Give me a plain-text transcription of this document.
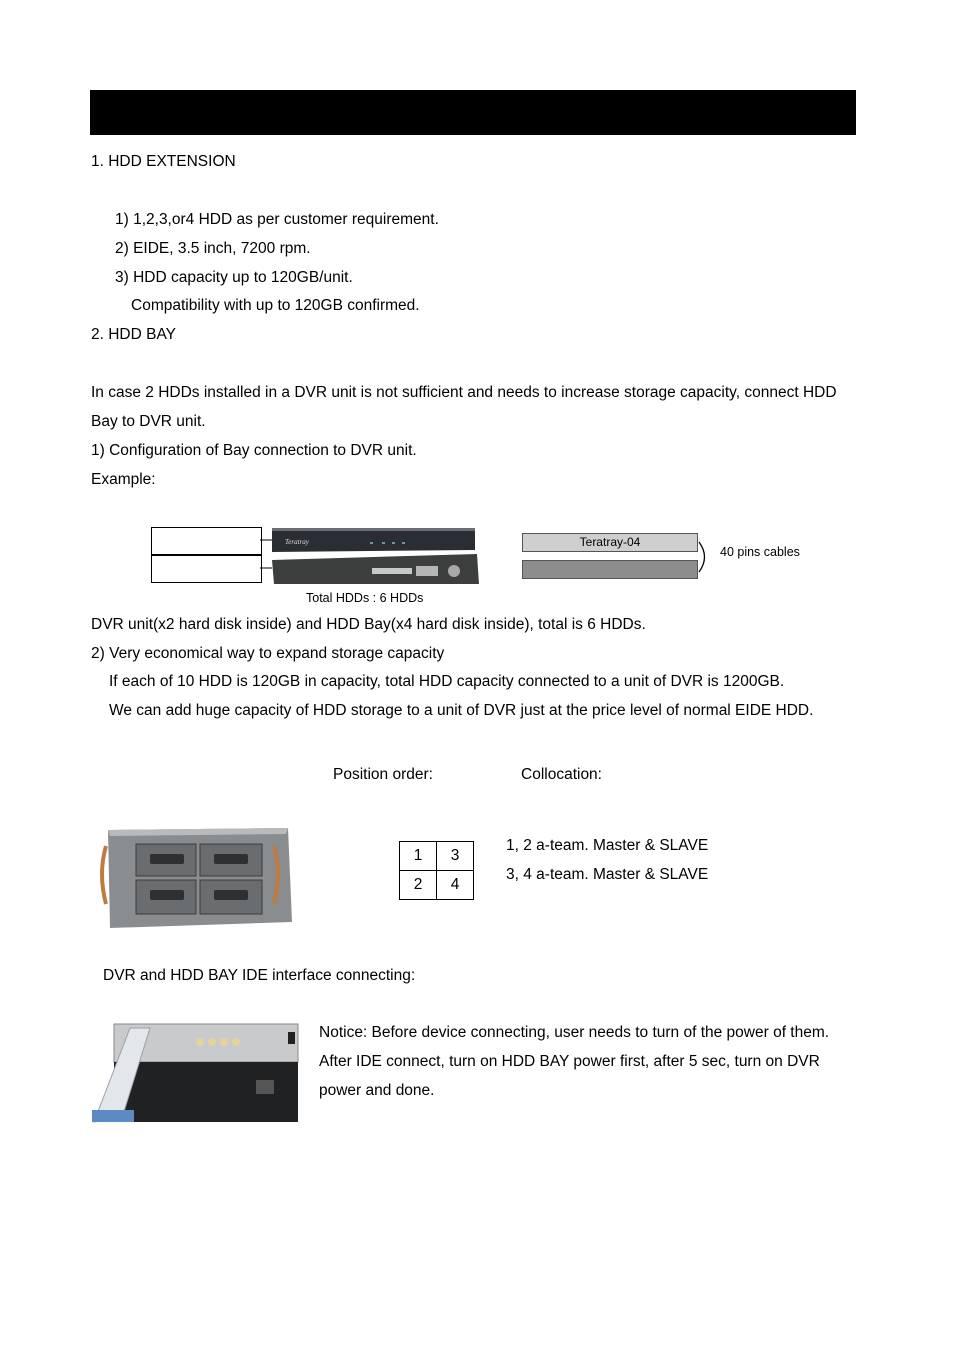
1. HDD EXTENSION
1) 1,2,3,or4 HDD as per customer requirement.
2) EIDE, 3.5 inch, 7200 rpm.
3) HDD capacity up to 120GB/unit.
Compatibility with up to 120GB confirmed.
2. HDD BAY
In case 2 HDDs installed in a DVR unit is not sufficient and needs to increase storage capacity, connect HDD
Bay to DVR unit.
1) Configuration of Bay connection to DVR unit.
Example:
Teratray	Teratray-04
40 pins cables
Total HDDs : 6 HDDs
DVR unit(x2 hard disk inside) and HDD Bay(x4 hard disk inside), total is 6 HDDs.
2) Very economical way to expand storage capacity
If each of 10 HDD is 120GB in capacity, total HDD capacity connected to a unit of DVR is 1200GB.
We can add huge capacity of HDD storage to a unit of DVR just at the price level of normal EIDE HDD.
Position order:	Collocation:
1	3
2	4
1, 2 a-team. Master & SLAVE
3, 4 a-team. Master & SLAVE
DVR and HDD BAY IDE interface connecting:
Notice: Before device connecting, user needs to turn of the power of them.
After IDE connect, turn on HDD BAY power first, after 5 sec, turn on DVR
power and done.
